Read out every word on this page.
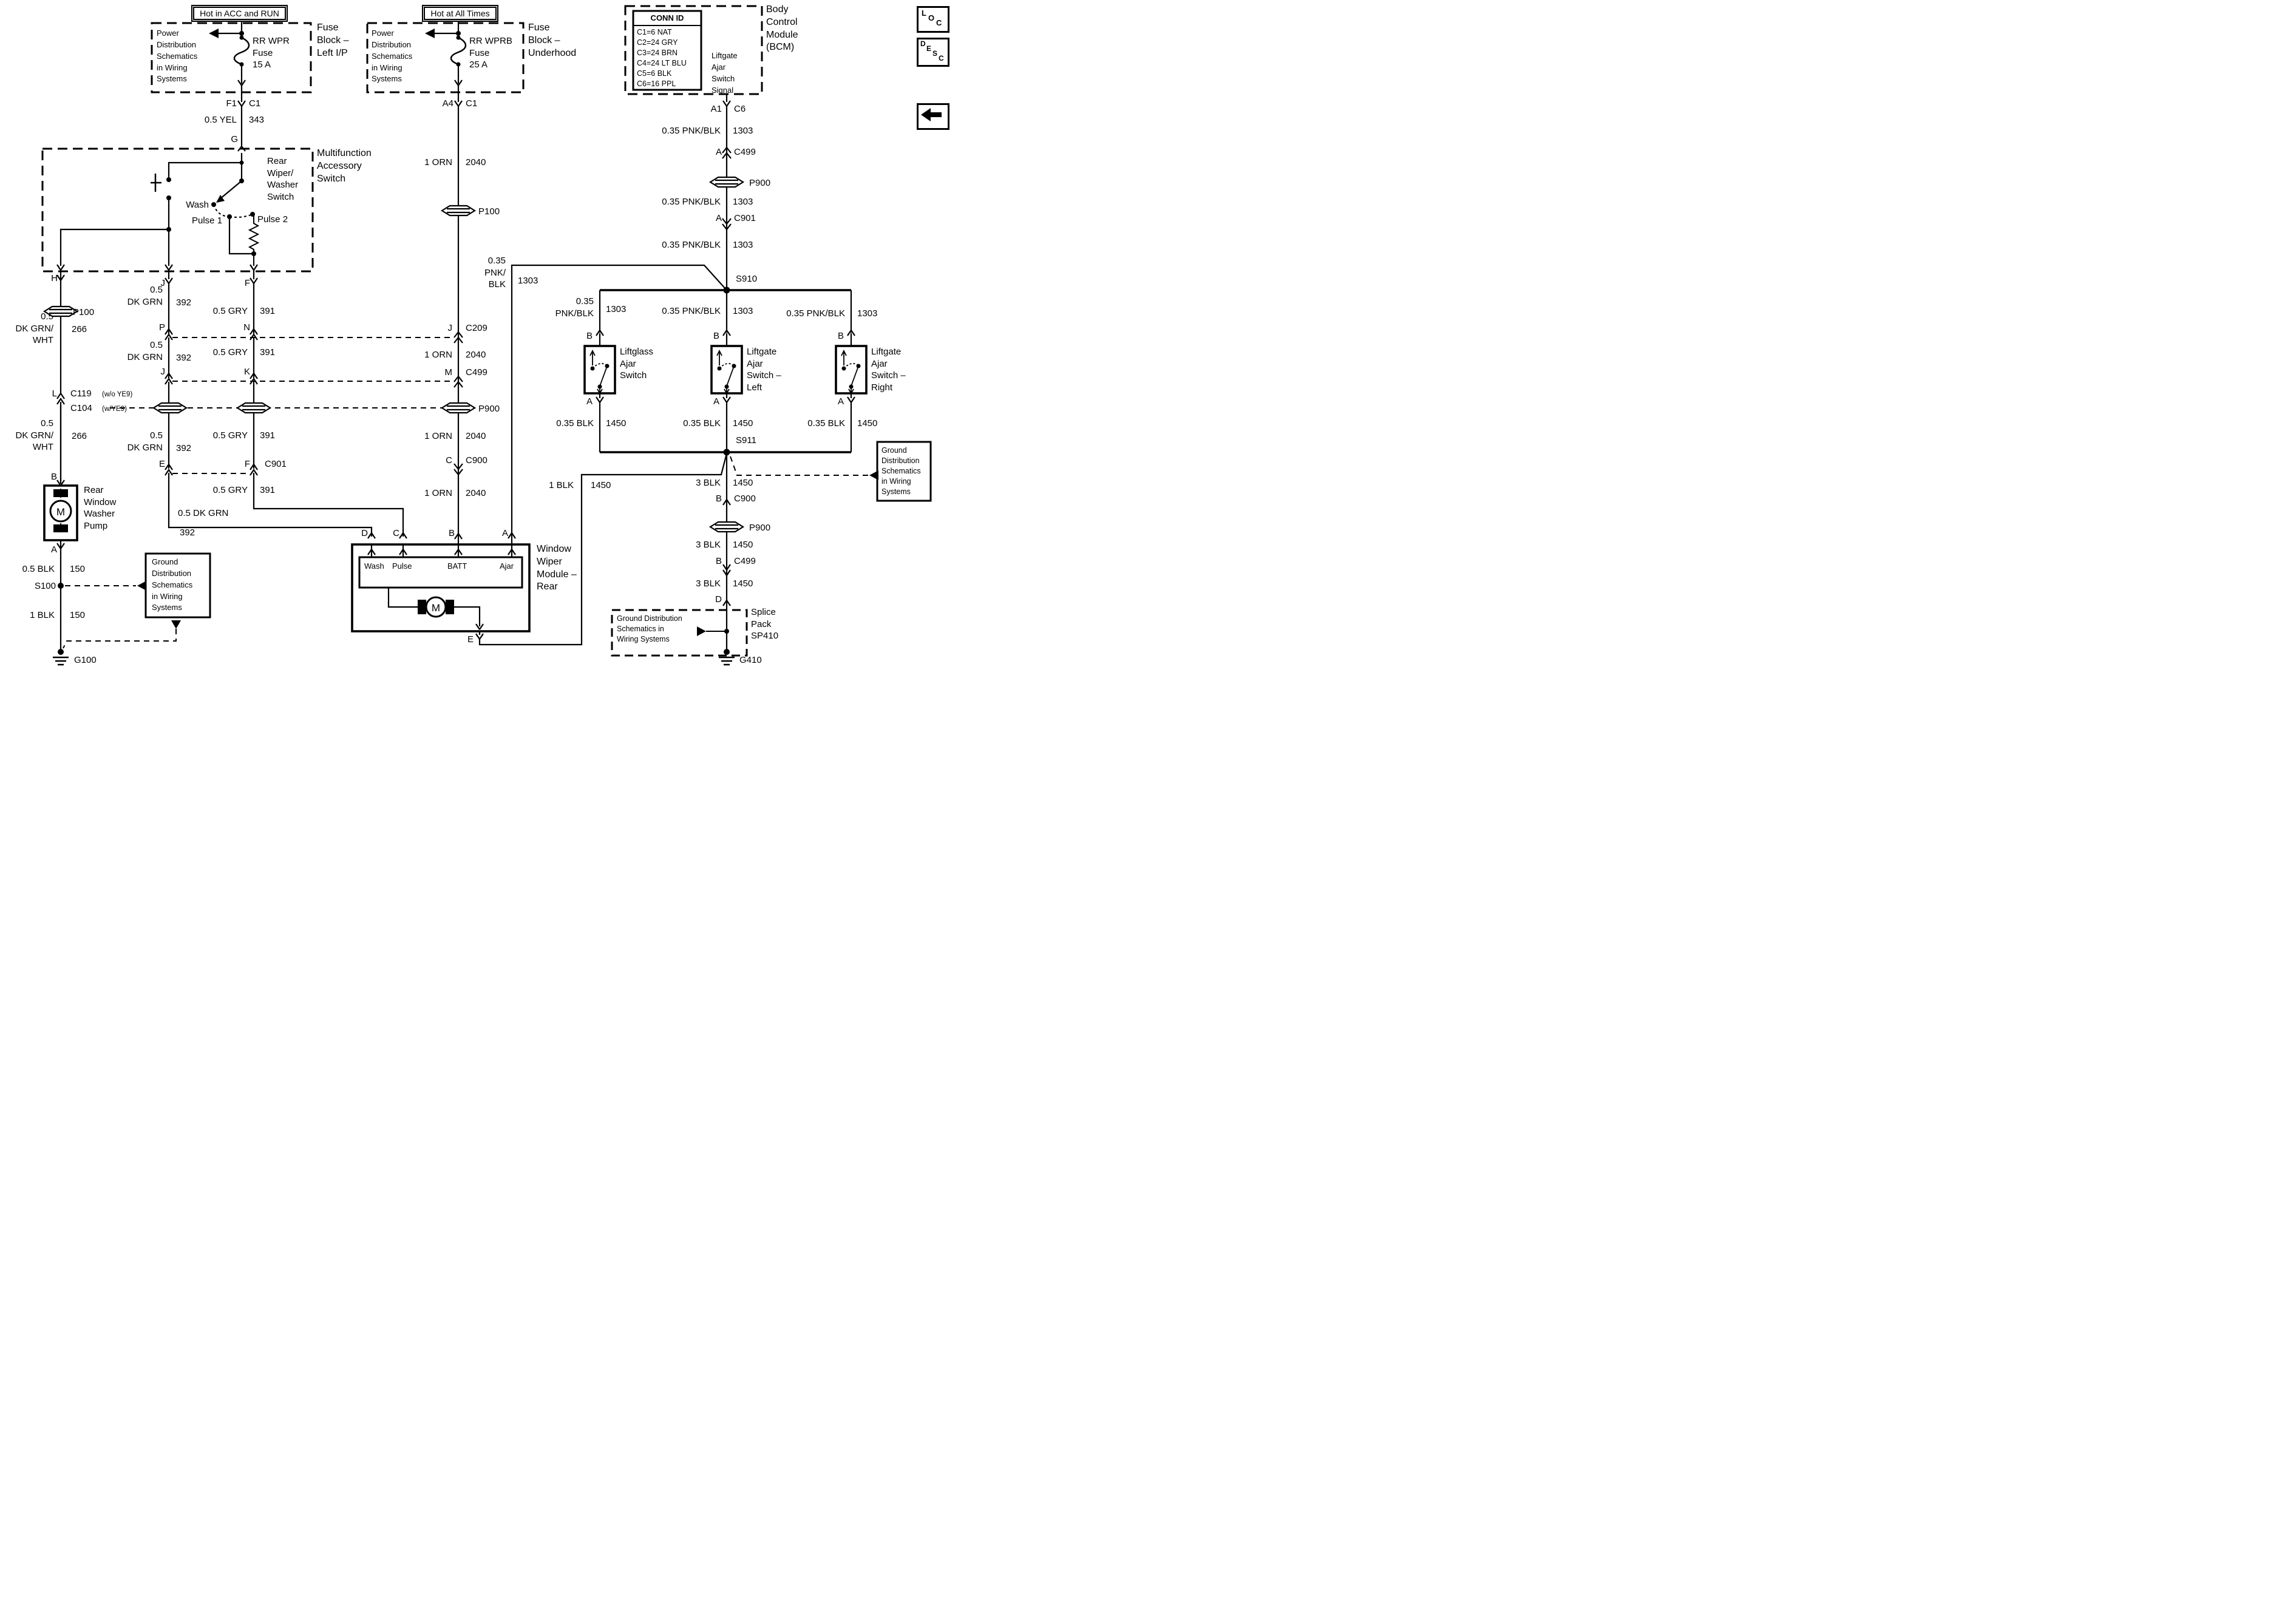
Hot in ACC and RUN	Hot at All Times
Power
Distribution
Schematics
in Wiring
Systems
Power
Distribution
Schematics
in Wiring
Systems
RR WPR
Fuse
15 A
Fuse
Block –
Left I/P
RR WPRB
Fuse
25 A
Fuse
Block –
Underhood
F1 C1
0.5 YEL 343
G
A4 C1
1 ORN 2040
P100
J C209
1 ORN 2040
M C499
P900
1 ORN 2040
C C900
1 ORN 2040
CONN ID
C1=6 NAT
C2=24 GRY
C3=24 BRN
C4=24 LT BLU
C5=6 BLK
C6=16 PPL
Liftgate
Ajar
Switch
Signal
Body
Control
Module
(BCM)
A1 C6
0.35 PNK/BLK 1303
A C499
P900
0.35 PNK/BLK 1303
A C901
0.35 PNK/BLK 1303
S910
Multifunction
Accessory
Switch
Rear
Wiper/
Washer
Switch
Wash
Pulse 1	Pulse 2
H	J	F
P100
0.5
DK GRN/
WHT
266
L C119 (w/o YE9)
C104 (w/YE9)
0.5
DK GRN/
WHT
266
B
M
Rear
Window
Washer
Pump
A
0.5 BLK 150
S100
Ground
Distribution
Schematics
in Wiring
Systems
1 BLK 150
G100
0.5
DK GRN 392
P
0.5
DK GRN 392
J
0.5
DK GRN 392
E
0.5 DK GRN
392
0.5 GRY 391
N
0.5 GRY 391
K
0.5 GRY 391
F C901
0.5 GRY 391
0.35
PNK/
BLK 1303
0.35
PNK/BLK 1303	0.35 PNK/BLK 1303	0.35 PNK/BLK 1303
B	B	B
Liftglass
Ajar
Switch
Liftgate
Ajar
Switch –
Left
Liftgate
Ajar
Switch –
Right
A	A	A
0.35 BLK 1450	0.35 BLK 1450	0.35 BLK 1450
S911
Ground
Distribution
Schematics
in Wiring
Systems
1 BLK 1450	3 BLK 1450
B C900
P900
3 BLK 1450
B C499
3 BLK 1450
D
Ground Distribution
Schematics in
Wiring Systems
Splice
Pack
SP410
G410
D	C	B	A
Wash Pulse	BATT	Ajar
M
E
Window
Wiper
Module –
Rear
L
O
C
D
E
S
C
